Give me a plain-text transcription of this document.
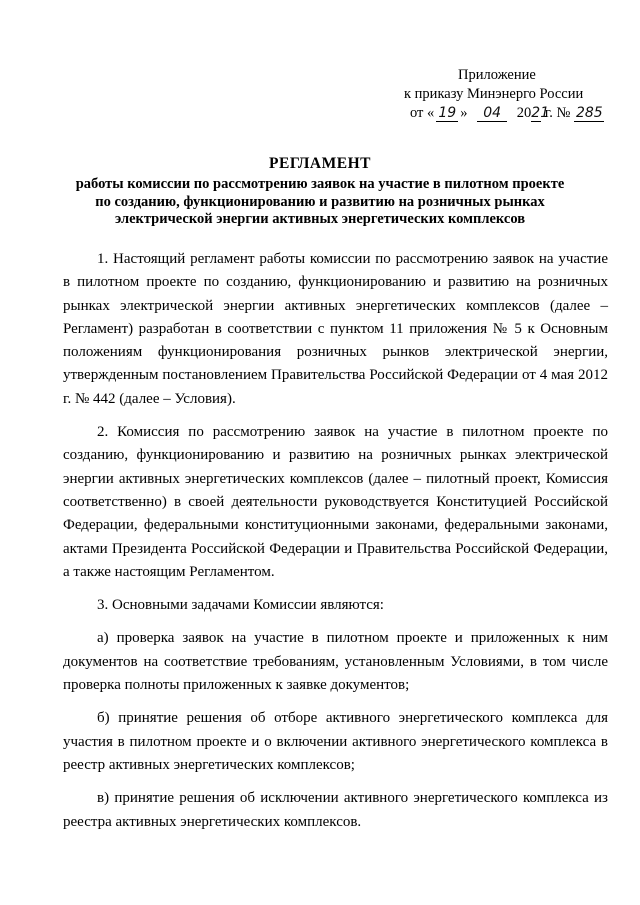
Приложение
к приказу Минэнерго России
от « 19 » 04 2021 г. № 285
РЕГЛАМЕНТ
работы комиссии по рассмотрению заявок на участие в пилотном проекте
по созданию, функционированию и развитию на розничных рынках
электрической энергии активных энергетических комплексов

1. Настоящий регламент работы комиссии по рассмотрению заявок на участие в пилотном проекте по созданию, функционированию и развитию на розничных рынках электрической энергии активных энергетических комплексов (далее – Регламент) разработан в соответствии с пунктом 11 приложения № 5 к Основным положениям функционирования розничных рынков электрической энергии, утвержденным постановлением Правительства Российской Федерации от 4 мая 2012 г. № 442 (далее – Условия).

2. Комиссия по рассмотрению заявок на участие в пилотном проекте по созданию, функционированию и развитию на розничных рынках электрической энергии активных энергетических комплексов (далее – пилотный проект, Комиссия соответственно) в своей деятельности руководствуется Конституцией Российской Федерации, федеральными конституционными законами, федеральными законами, актами Президента Российской Федерации и Правительства Российской Федерации, а также настоящим Регламентом.

3. Основными задачами Комиссии являются:

а) проверка заявок на участие в пилотном проекте и приложенных к ним документов на соответствие требованиям, установленным Условиями, в том числе проверка полноты приложенных к заявке документов;

б) принятие решения об отборе активного энергетического комплекса для участия в пилотном проекте и о включении активного энергетического комплекса в реестр активных энергетических комплексов;

в) принятие решения об исключении активного энергетического комплекса из реестра активных энергетических комплексов.
